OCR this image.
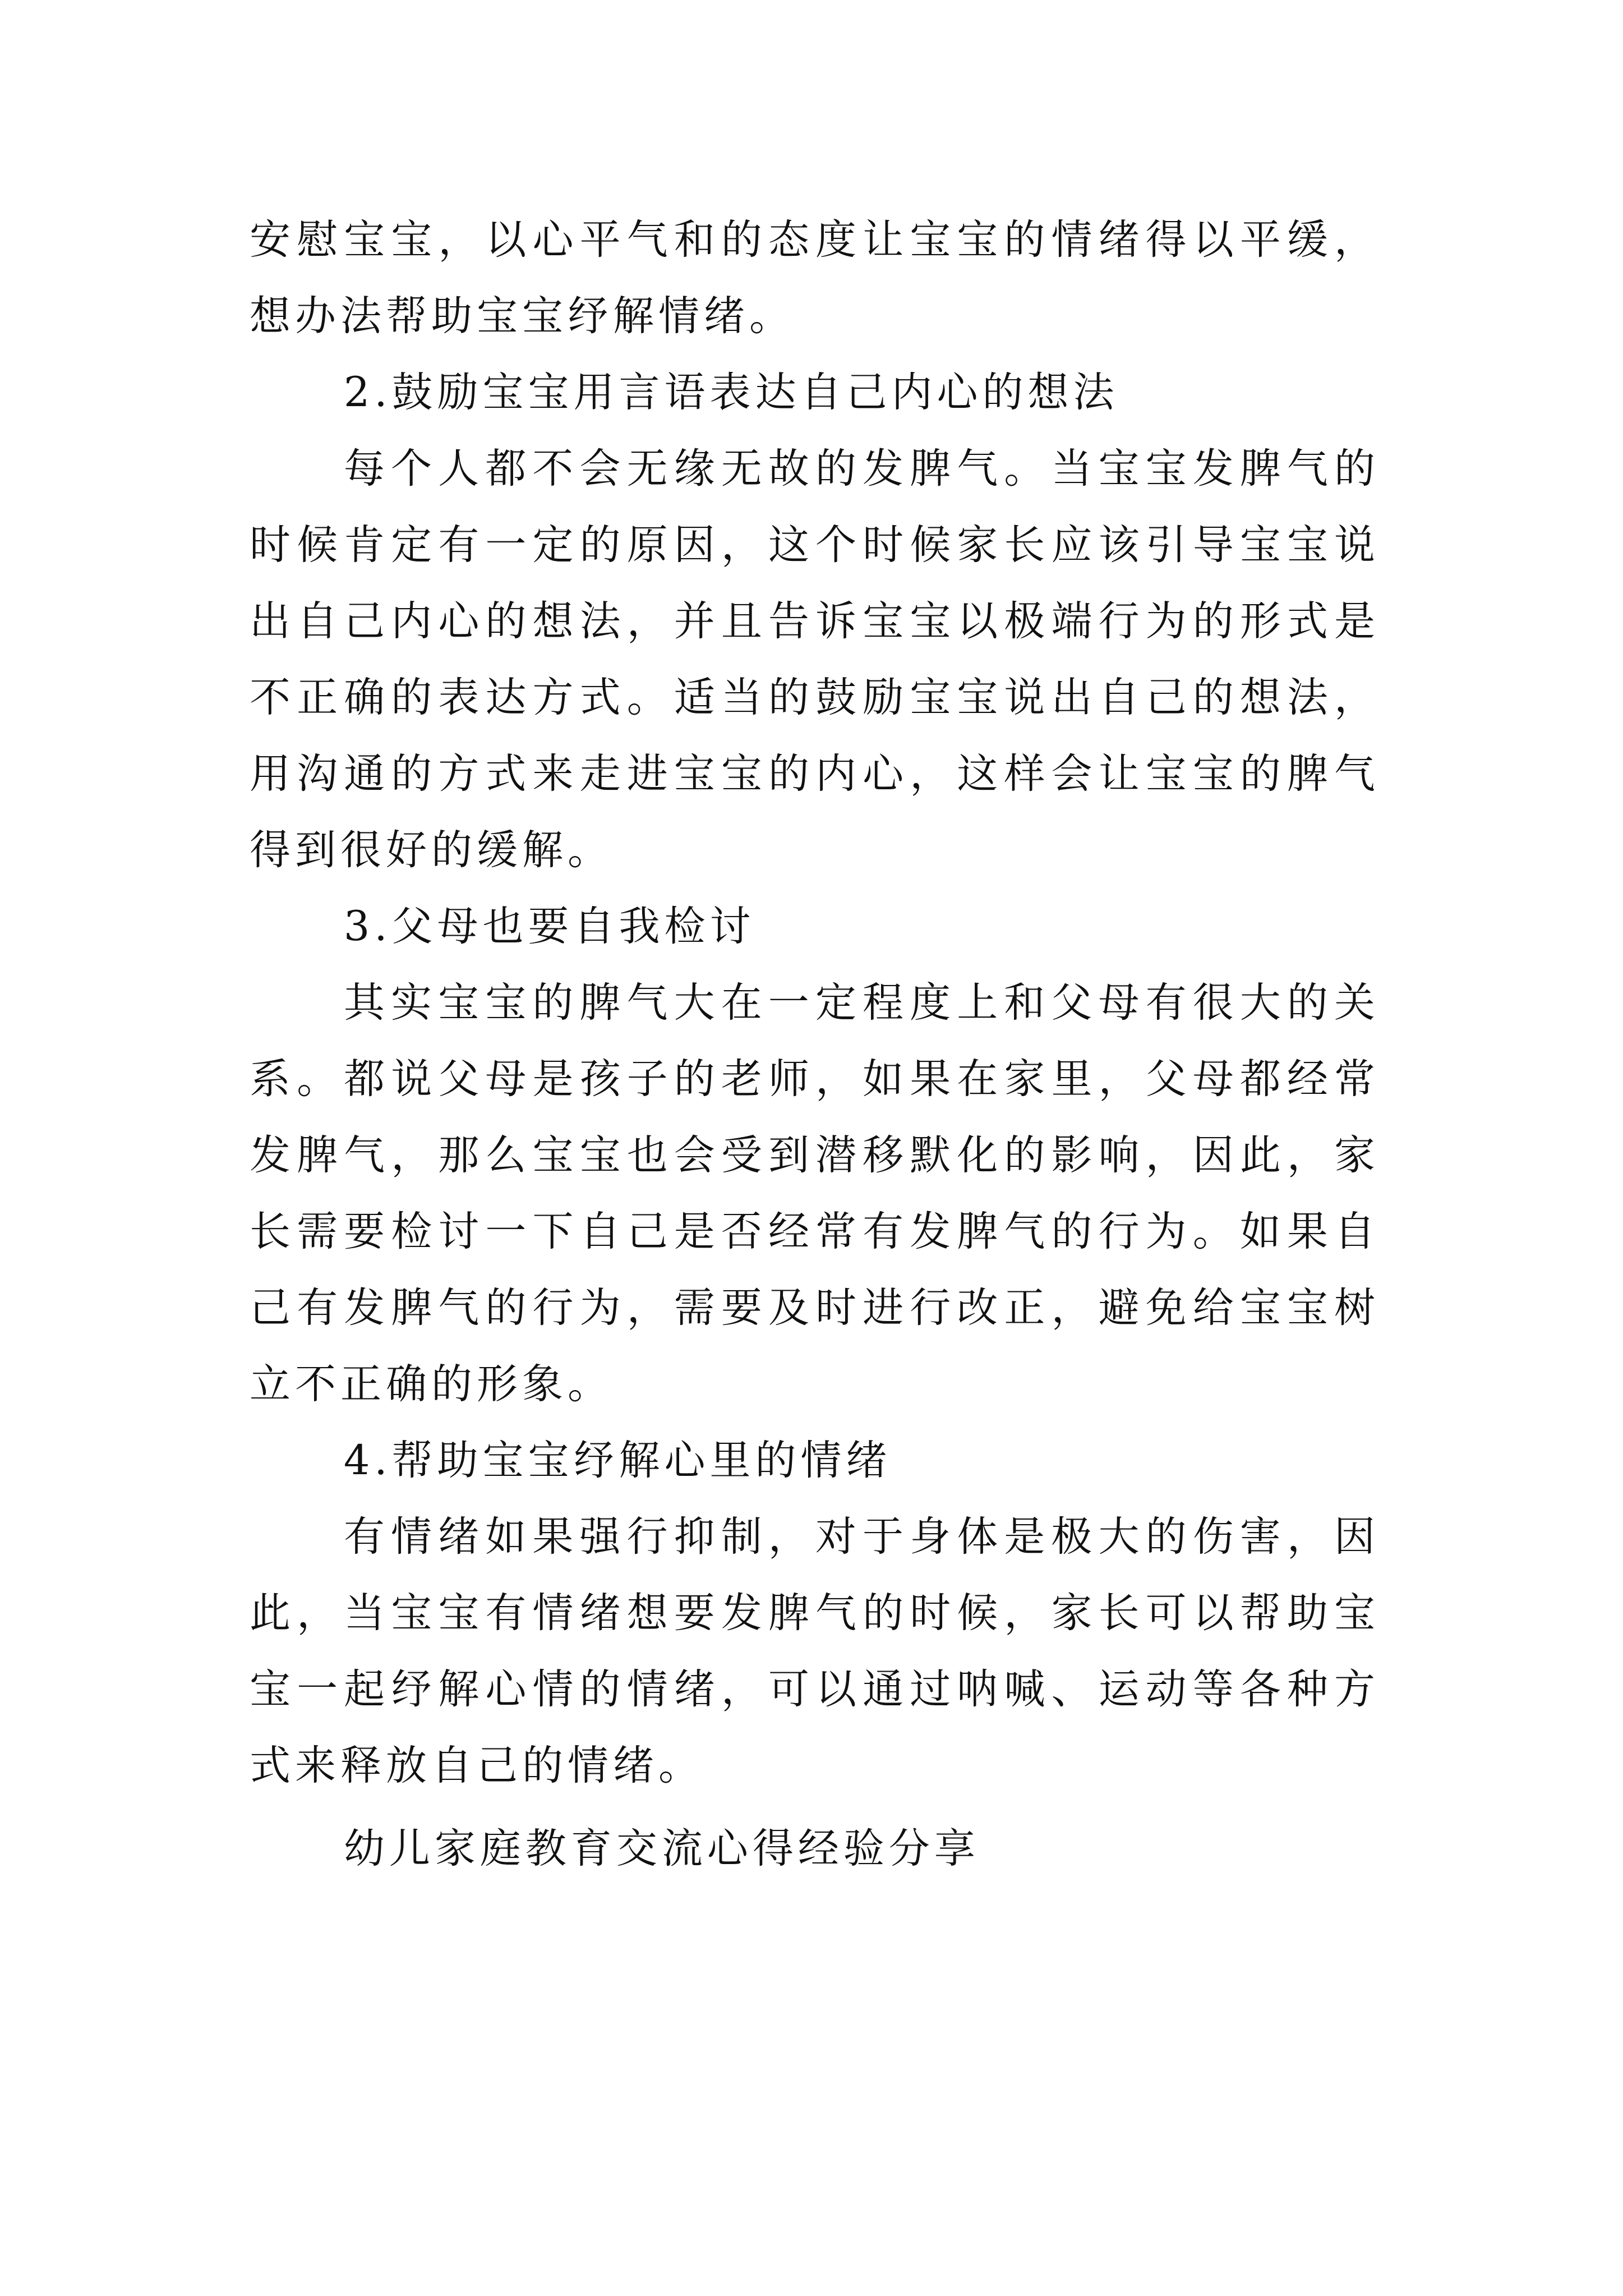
安慰宝宝，以心平气和的态度让宝宝的情绪得以平缓，想办法帮助宝宝纾解情绪。

2.鼓励宝宝用言语表达自己内心的想法

每个人都不会无缘无故的发脾气。当宝宝发脾气的时候肯定有一定的原因，这个时候家长应该引导宝宝说出自己内心的想法，并且告诉宝宝以极端行为的形式是不正确的表达方式。适当的鼓励宝宝说出自己的想法，用沟通的方式来走进宝宝的内心，这样会让宝宝的脾气得到很好的缓解。

3.父母也要自我检讨

其实宝宝的脾气大在一定程度上和父母有很大的关系。都说父母是孩子的老师，如果在家里，父母都经常发脾气，那么宝宝也会受到潜移默化的影响，因此，家长需要检讨一下自己是否经常有发脾气的行为。如果自己有发脾气的行为，需要及时进行改正，避免给宝宝树立不正确的形象。

4.帮助宝宝纾解心里的情绪

有情绪如果强行抑制，对于身体是极大的伤害，因此，当宝宝有情绪想要发脾气的时候，家长可以帮助宝宝一起纾解心情的情绪，可以通过呐喊、运动等各种方式来释放自己的情绪。

幼儿家庭教育交流心得经验分享
